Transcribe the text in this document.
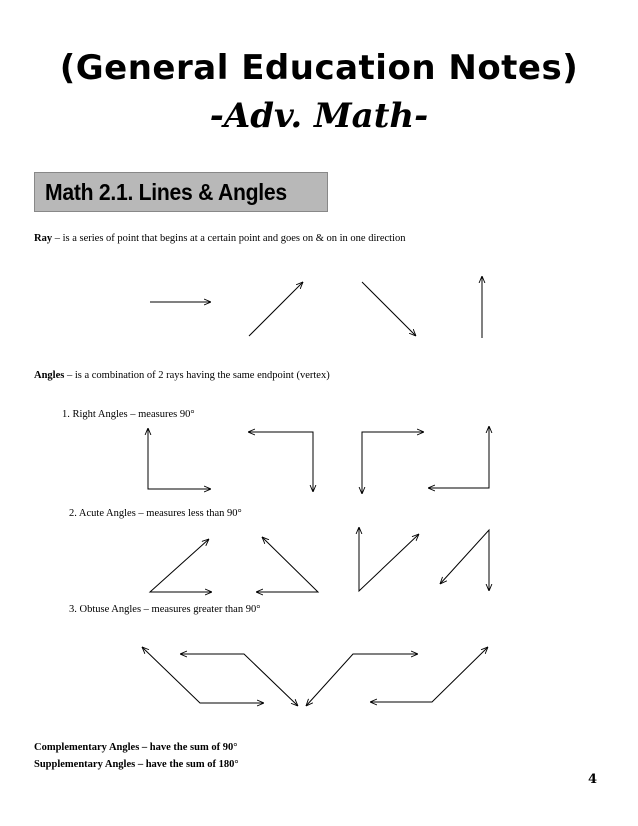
(General Education Notes)
-Adv. Math-
Math 2.1. Lines & Angles
Ray – is a series of point that begins at a certain point and goes on & on in one direction
Angles – is a combination of 2 rays having the same endpoint (vertex)
1. Right Angles – measures 90°
2. Acute Angles – measures less than 90°
3. Obtuse Angles – measures greater than 90°
Complementary Angles – have the sum of 90°
Supplementary Angles – have the sum of 180°
4
